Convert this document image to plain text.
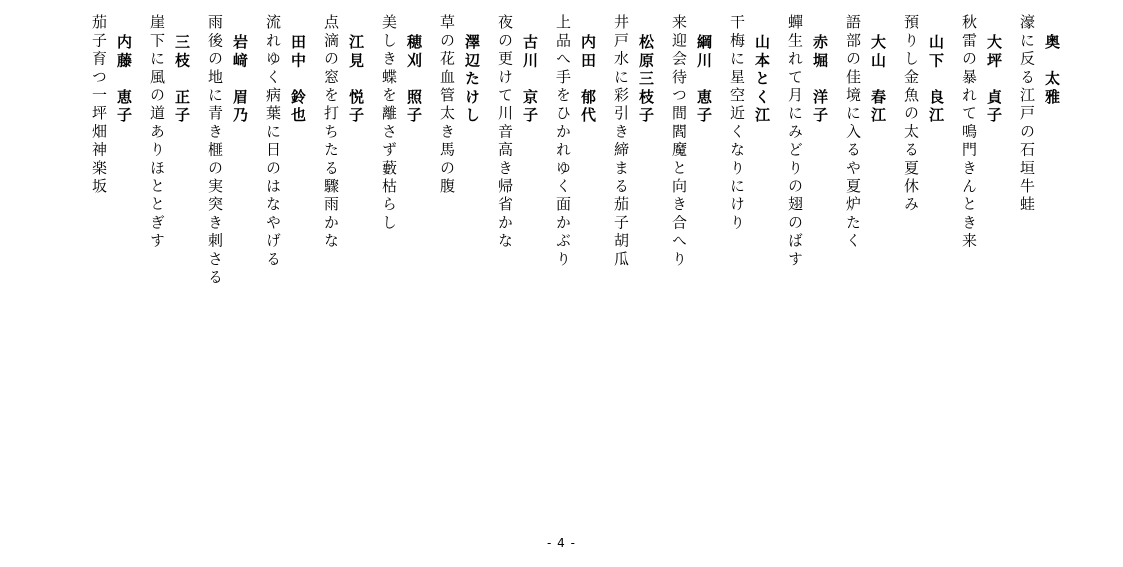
奥　太雅
濠に反る江戸の石垣牛蛙
大坪　貞子
秋雷の暴れて鳴門きんとき来
山下　良江
預りし金魚の太る夏休み
大山　春江
語部の佳境に入るや夏炉たく
赤堀　洋子
蟬生れて月にみどりの翅のばす
山本とく江
干梅に星空近くなりにけり
綱川　恵子
来迎会待つ間閻魔と向き合へり
松原三枝子
井戸水に彩引き締まる茄子胡瓜
内田　郁代
上品へ手をひかれゆく面かぶり
古川　京子
夜の更けて川音高き帰省かな
澤辺たけし
草の花血管太き馬の腹
穂刈　照子
美しき蝶を離さず藪枯らし
江見　悦子
点滴の窓を打ちたる驟雨かな
田中　鈴也
流れゆく病葉に日のはなやげる
岩﨑　眉乃
雨後の地に青き榧の実突き刺さる
三枝　正子
崖下に風の道ありほととぎす
内藤　恵子
茄子育つ一坪畑神楽坂
- 4 -
